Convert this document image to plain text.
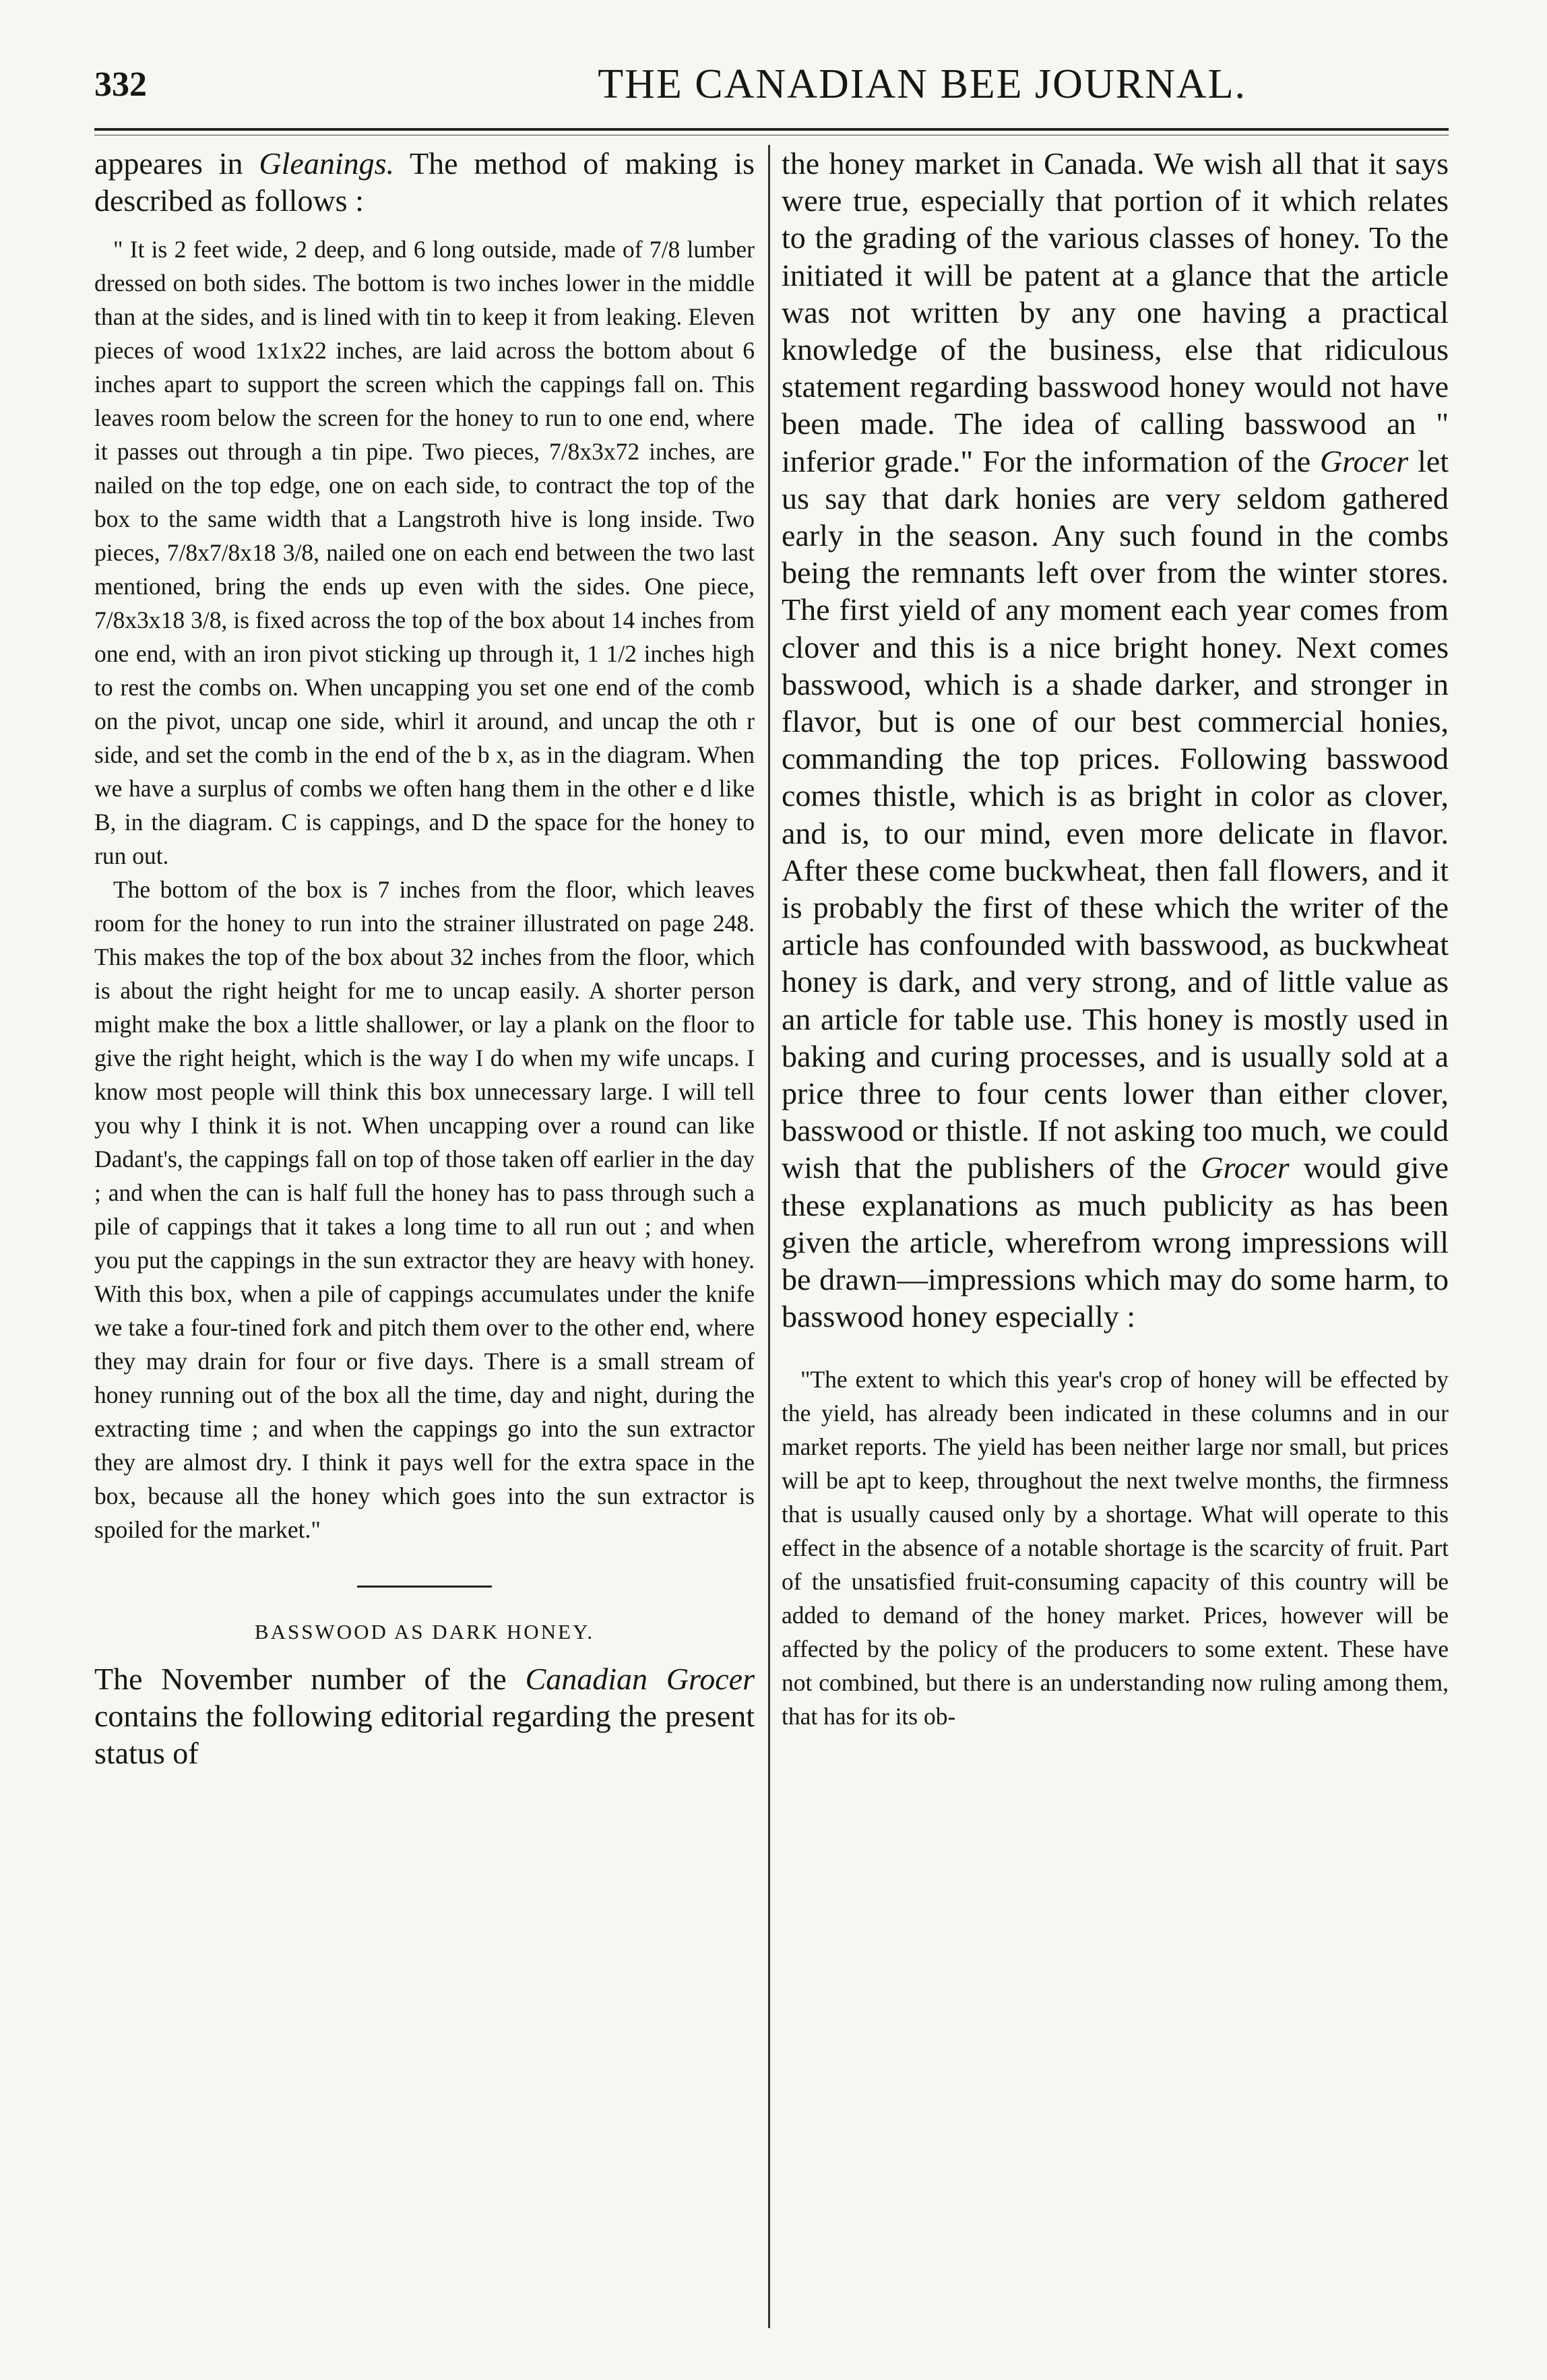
332	THE CANADIAN BEE JOURNAL.

appeares in Gleanings. The method of making is described as follows :

" It is 2 feet wide, 2 deep, and 6 long outside, made of 7/8 lumber dressed on both sides. The bottom is two inches lower in the middle than at the sides, and is lined with tin to keep it from leaking. Eleven pieces of wood 1x1x22 inches, are laid across the bottom about 6 inches apart to support the screen which the cappings fall on. This leaves room below the screen for the honey to run to one end, where it passes out through a tin pipe. Two pieces, 7/8x3x72 inches, are nailed on the top edge, one on each side, to contract the top of the box to the same width that a Langstroth hive is long inside. Two pieces, 7/8x7/8x18 3/8, nailed one on each end between the two last mentioned, bring the ends up even with the sides. One piece, 7/8x3x18 3/8, is fixed across the top of the box about 14 inches from one end, with an iron pivot sticking up through it, 1 1/2 inches high to rest the combs on. When uncapping you set one end of the comb on the pivot, uncap one side, whirl it around, and uncap the oth r side, and set the comb in the end of the b x, as in the diagram. When we have a surplus of combs we often hang them in the other e d like B, in the diagram. C is cappings, and D the space for the honey to run out.

The bottom of the box is 7 inches from the floor, which leaves room for the honey to run into the strainer illustrated on page 248. This makes the top of the box about 32 inches from the floor, which is about the right height for me to uncap easily. A shorter person might make the box a little shallower, or lay a plank on the floor to give the right height, which is the way I do when my wife uncaps. I know most people will think this box unnecessary large. I will tell you why I think it is not. When uncapping over a round can like Dadant's, the cappings fall on top of those taken off earlier in the day ; and when the can is half full the honey has to pass through such a pile of cappings that it takes a long time to all run out ; and when you put the cappings in the sun extractor they are heavy with honey. With this box, when a pile of cappings accumulates under the knife we take a four-tined fork and pitch them over to the other end, where they may drain for four or five days. There is a small stream of honey running out of the box all the time, day and night, during the extracting time ; and when the cappings go into the sun extractor they are almost dry. I think it pays well for the extra space in the box, because all the honey which goes into the sun extractor is spoiled for the market."

BASSWOOD AS DARK HONEY.

The November number of the Canadian Grocer contains the following editorial regarding the present status of

the honey market in Canada. We wish all that it says were true, especially that portion of it which relates to the grading of the various classes of honey. To the initiated it will be patent at a glance that the article was not written by any one having a practical knowledge of the business, else that ridiculous statement regarding basswood honey would not have been made. The idea of calling basswood an " inferior grade." For the information of the Grocer let us say that dark honies are very seldom gathered early in the season. Any such found in the combs being the remnants left over from the winter stores. The first yield of any moment each year comes from clover and this is a nice bright honey. Next comes basswood, which is a shade darker, and stronger in flavor, but is one of our best commercial honies, commanding the top prices. Following basswood comes thistle, which is as bright in color as clover, and is, to our mind, even more delicate in flavor. After these come buckwheat, then fall flowers, and it is probably the first of these which the writer of the article has confounded with basswood, as buckwheat honey is dark, and very strong, and of little value as an article for table use. This honey is mostly used in baking and curing processes, and is usually sold at a price three to four cents lower than either clover, basswood or thistle. If not asking too much, we could wish that the publishers of the Grocer would give these explanations as much publicity as has been given the article, wherefrom wrong impressions will be drawn—impressions which may do some harm, to basswood honey especially :

"The extent to which this year's crop of honey will be effected by the yield, has already been indicated in these columns and in our market reports. The yield has been neither large nor small, but prices will be apt to keep, throughout the next twelve months, the firmness that is usually caused only by a shortage. What will operate to this effect in the absence of a notable shortage is the scarcity of fruit. Part of the unsatisfied fruit-consuming capacity of this country will be added to demand of the honey market. Prices, however will be affected by the policy of the producers to some extent. These have not combined, but there is an understanding now ruling among them, that has for its ob-
